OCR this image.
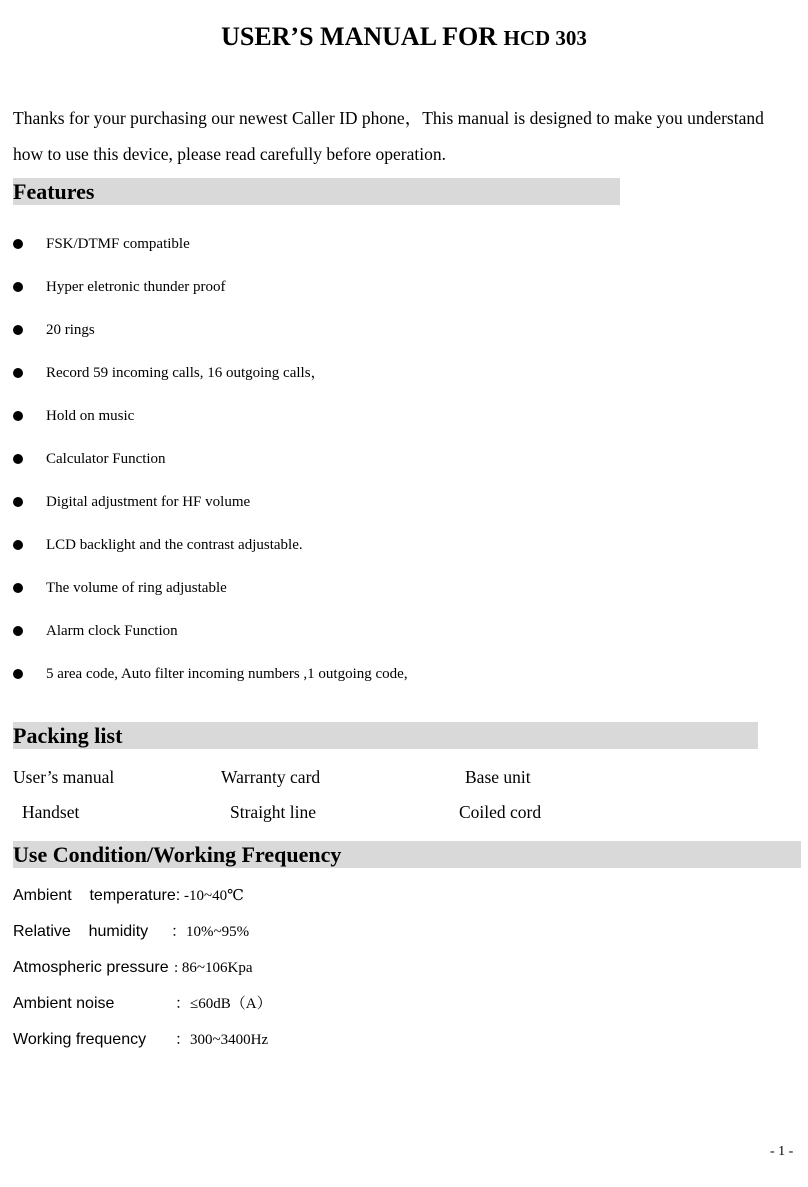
USER’S MANUAL FOR HCD 303

Thanks for your purchasing our newest Caller ID phone，This manual is designed to make you understand

how to use this device, please read carefully before operation.

Features
FSK/DTMF compatible
Hyper eletronic thunder proof
20 rings
Record 59 incoming calls, 16 outgoing calls，
Hold on music
Calculator Function
Digital adjustment for HF volume
LCD backlight and the contrast adjustable.
The volume of ring adjustable
Alarm clock Function
5 area code, Auto filter incoming numbers ,1 outgoing code,
Packing list
User’s manual	Warranty card	Base unit
Handset	Straight line	Coiled cord
Use Condition/Working Frequency
Ambient    temperature: -10~40℃
Relative    humidity ：10%~95%
Atmospheric pressure : 86~106Kpa
Ambient noise	：≤60dB（A）
Working frequency ：300~3400Hz
- 1 -
